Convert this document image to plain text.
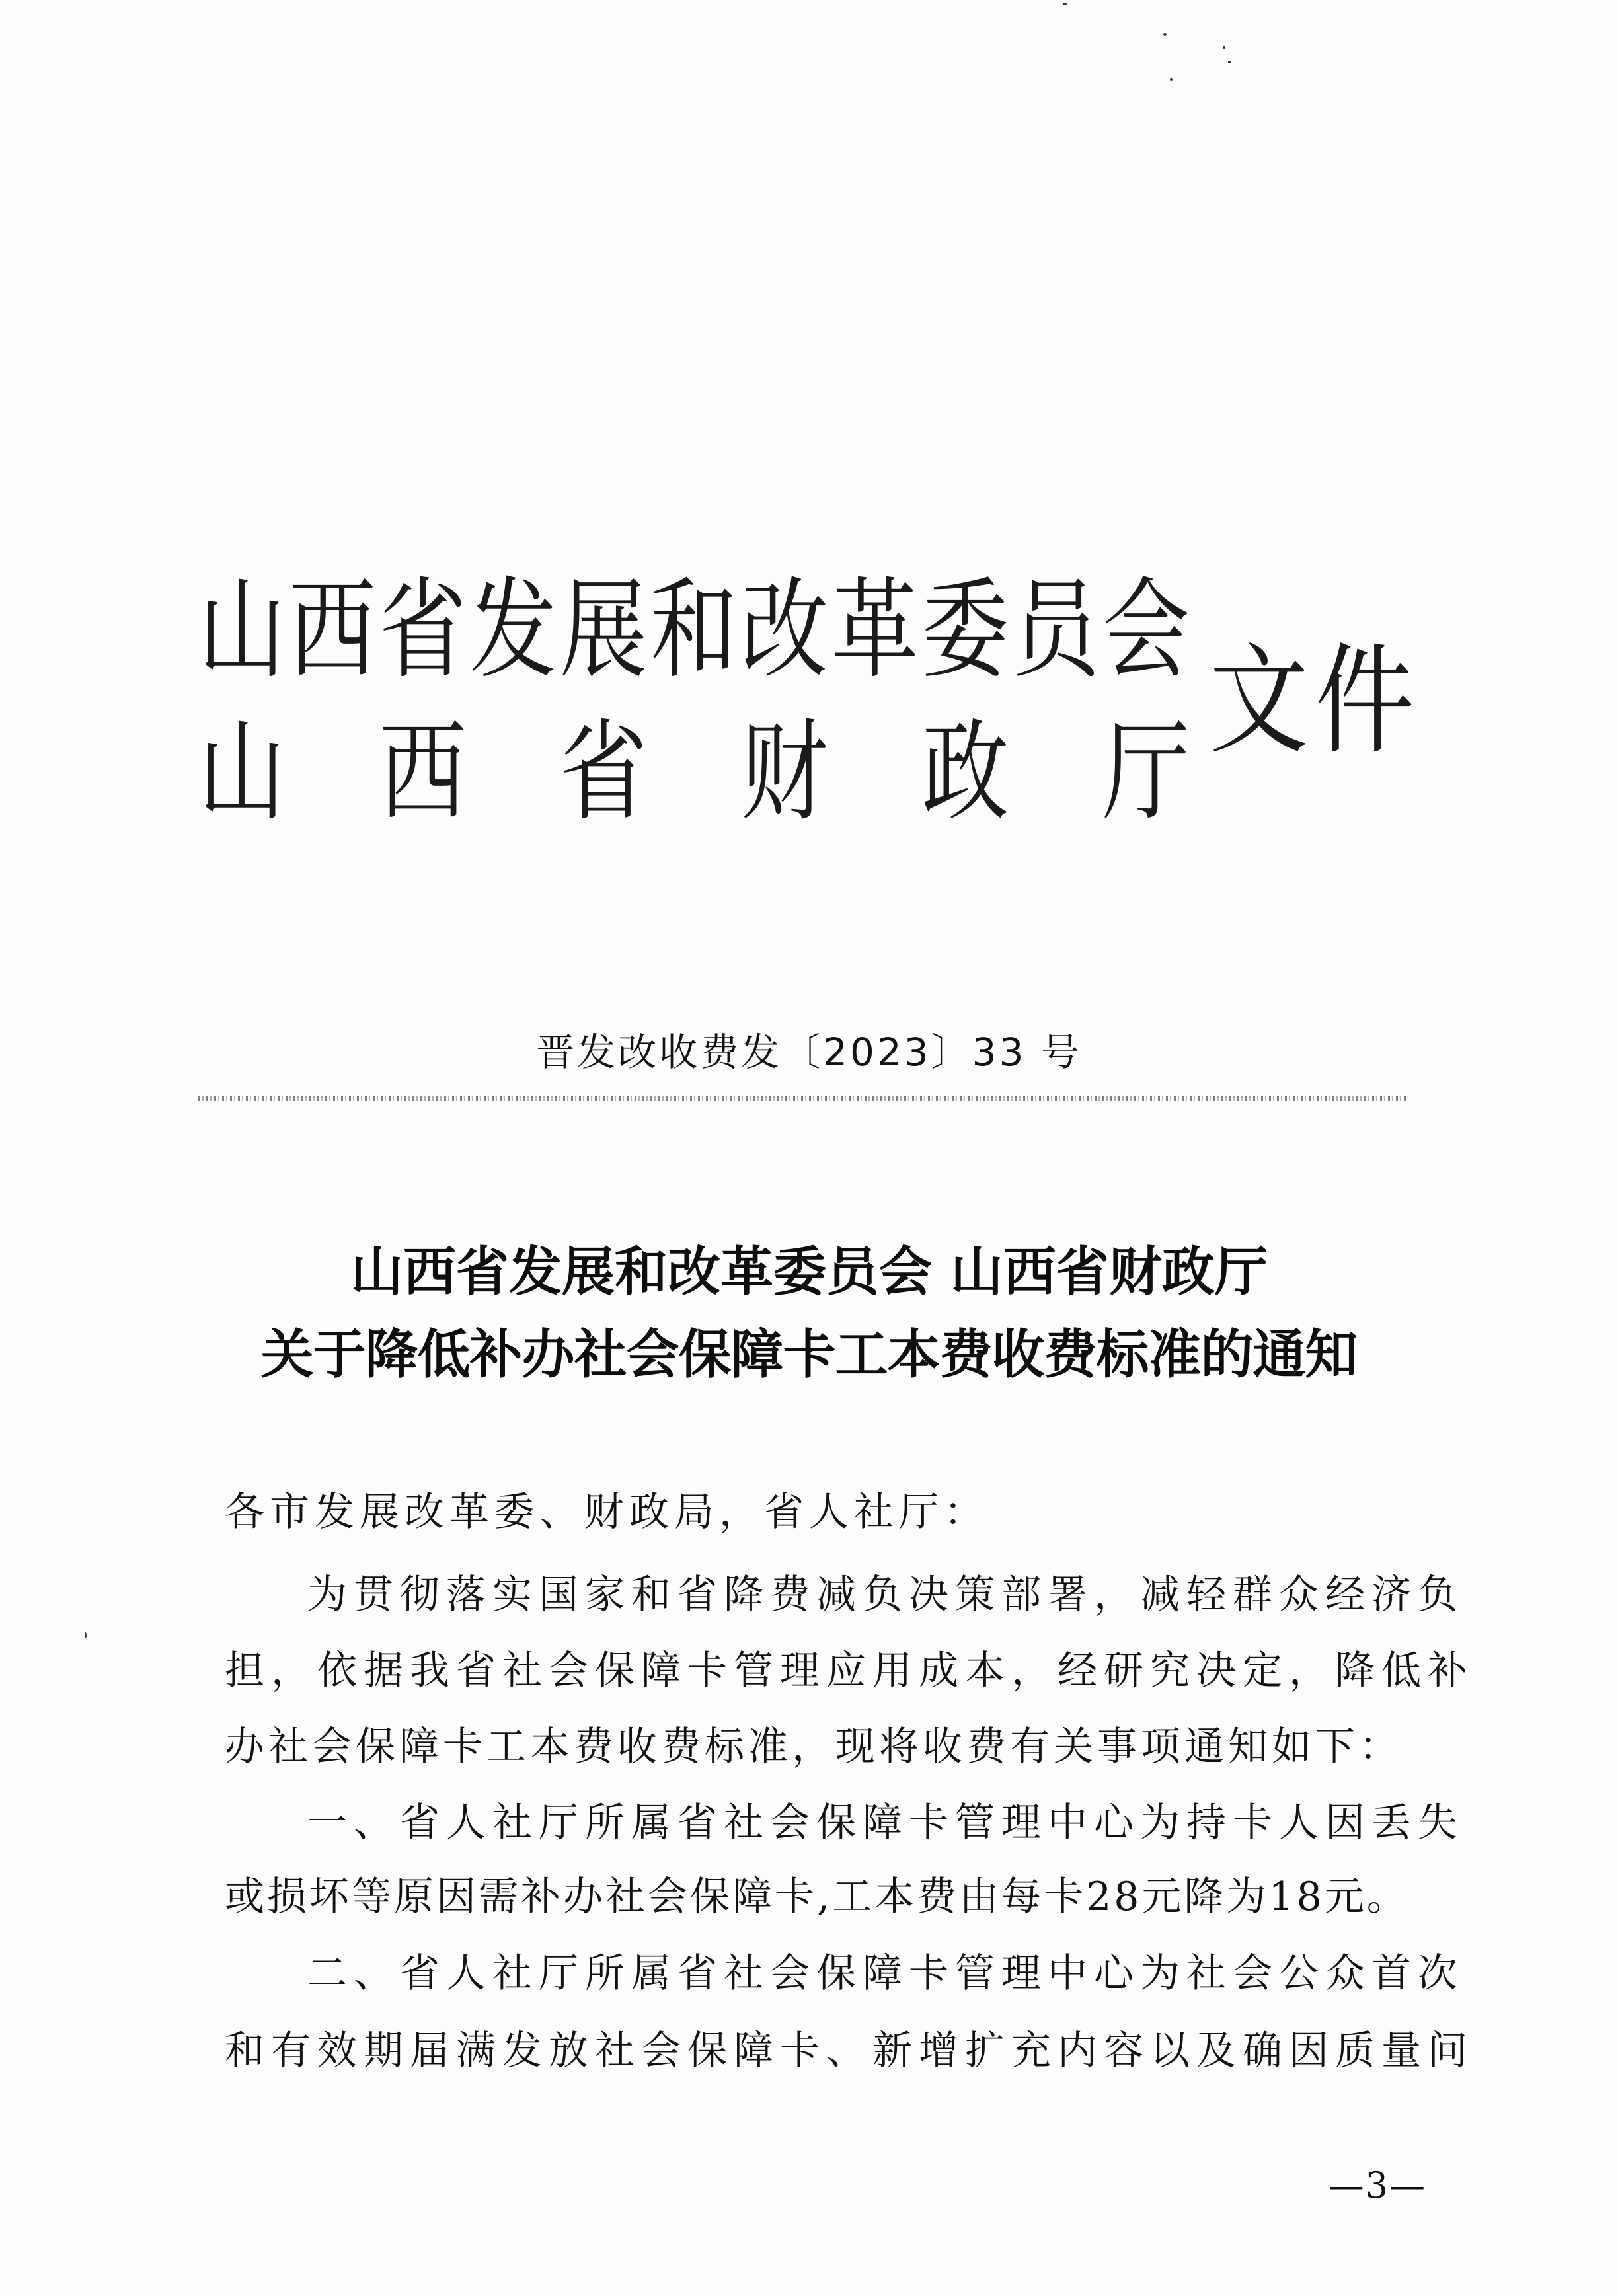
山 西 省 发 展 和 改 革 委 员 会
山 西 省 财 政 厅
文件
晋发改收费发〔2023〕33 号
山西省发展和改革委员会 山西省财政厅
关于降低补办社会保障卡工本费收费标准的通知
各市发展改革委、财政局，省人社厅：
为贯彻落实国家和省降费减负决策部署，减轻群众经济负
担，依据我省社会保障卡管理应用成本，经研究决定，降低补
办社会保障卡工本费收费标准，现将收费有关事项通知如下：
一、省人社厅所属省社会保障卡管理中心为持卡人因丢失
或损坏等原因需补办社会保障卡,工本费由每卡28元降为18元。
二、省人社厅所属省社会保障卡管理中心为社会公众首次
和有效期届满发放社会保障卡、新增扩充内容以及确因质量问
—3—
